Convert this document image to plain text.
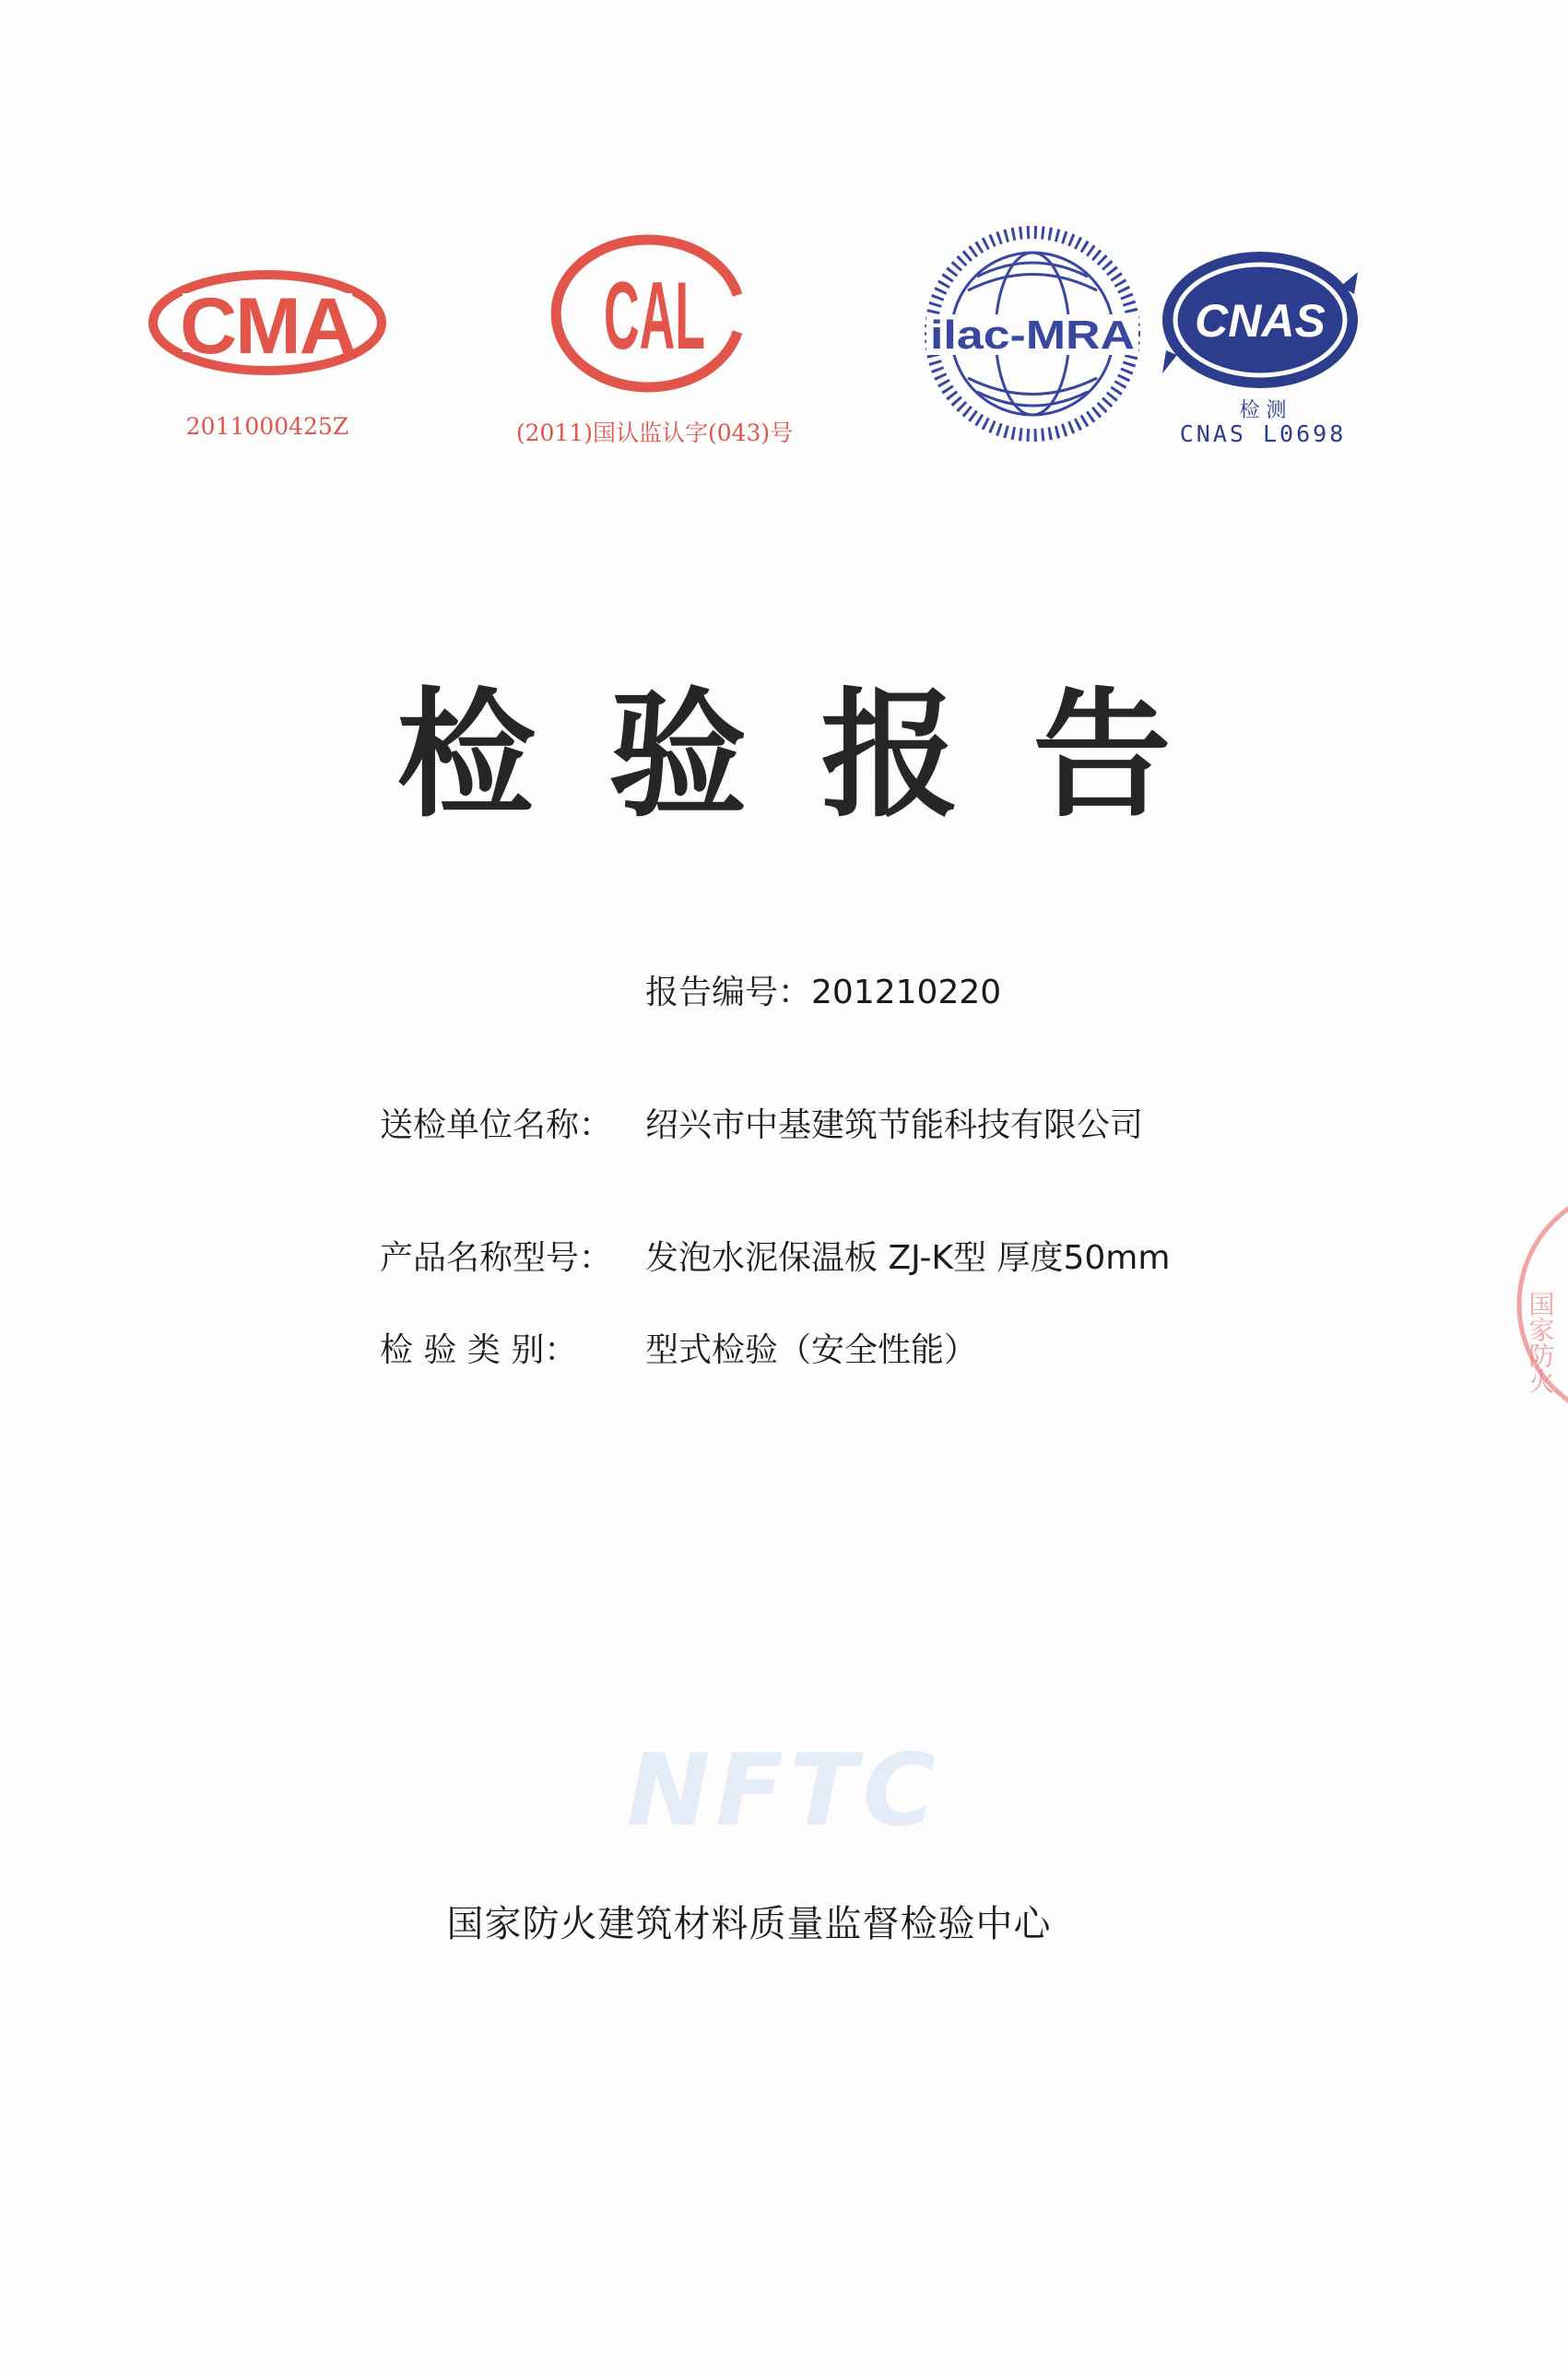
CMA
2011000425Z
CAL
(2011)国认监认字(043)号
ilac-MRA CNAS
检 测
CNAS L0698
检验报告
报告编号：201210220
送检单位名称： 绍兴市中基建筑节能科技有限公司
产品名称型号： 发泡水泥保温板 ZJ-K型 厚度50mm
检 验 类 别： 型式检验（安全性能）
NFTC
国家防火建筑材料质量监督检验中心
国家防火
